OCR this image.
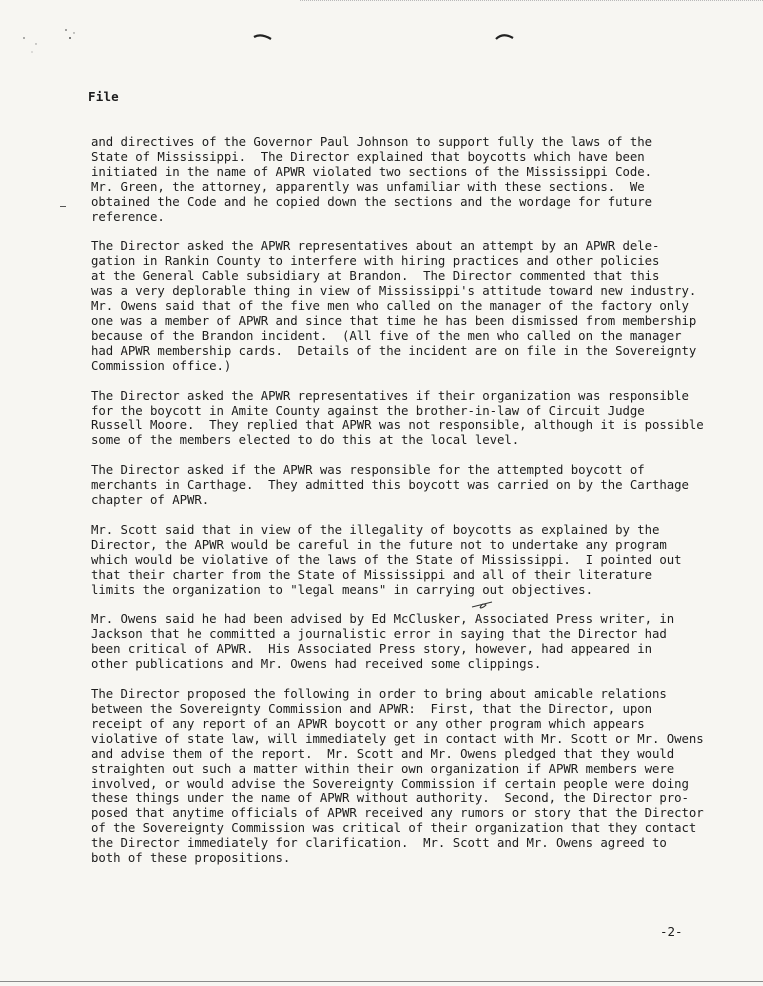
File

and directives of the Governor Paul Johnson to support fully the laws of the
State of Mississippi.  The Director explained that boycotts which have been
initiated in the name of APWR violated two sections of the Mississippi Code.
Mr. Green, the attorney, apparently was unfamiliar with these sections.  We
obtained the Code and he copied down the sections and the wordage for future
reference.

The Director asked the APWR representatives about an attempt by an APWR dele-
gation in Rankin County to interfere with hiring practices and other policies
at the General Cable subsidiary at Brandon.  The Director commented that this
was a very deplorable thing in view of Mississippi's attitude toward new industry.
Mr. Owens said that of the five men who called on the manager of the factory only
one was a member of APWR and since that time he has been dismissed from membership
because of the Brandon incident.  (All five of the men who called on the manager
had APWR membership cards.  Details of the incident are on file in the Sovereignty
Commission office.)

The Director asked the APWR representatives if their organization was responsible
for the boycott in Amite County against the brother-in-law of Circuit Judge
Russell Moore.  They replied that APWR was not responsible, although it is possible
some of the members elected to do this at the local level.

The Director asked if the APWR was responsible for the attempted boycott of
merchants in Carthage.  They admitted this boycott was carried on by the Carthage
chapter of APWR.

Mr. Scott said that in view of the illegality of boycotts as explained by the
Director, the APWR would be careful in the future not to undertake any program
which would be violative of the laws of the State of Mississippi.  I pointed out
that their charter from the State of Mississippi and all of their literature
limits the organization to "legal means" in carrying out objectives.

Mr. Owens said he had been advised by Ed McClusker, Associated Press writer, in
Jackson that he committed a journalistic error in saying that the Director had
been critical of APWR.  His Associated Press story, however, had appeared in
other publications and Mr. Owens had received some clippings.

The Director proposed the following in order to bring about amicable relations
between the Sovereignty Commission and APWR:  First, that the Director, upon
receipt of any report of an APWR boycott or any other program which appears
violative of state law, will immediately get in contact with Mr. Scott or Mr. Owens
and advise them of the report.  Mr. Scott and Mr. Owens pledged that they would
straighten out such a matter within their own organization if APWR members were
involved, or would advise the Sovereignty Commission if certain people were doing
these things under the name of APWR without authority.  Second, the Director pro-
posed that anytime officials of APWR received any rumors or story that the Director
of the Sovereignty Commission was critical of their organization that they contact
the Director immediately for clarification.  Mr. Scott and Mr. Owens agreed to
both of these propositions.

-2-
